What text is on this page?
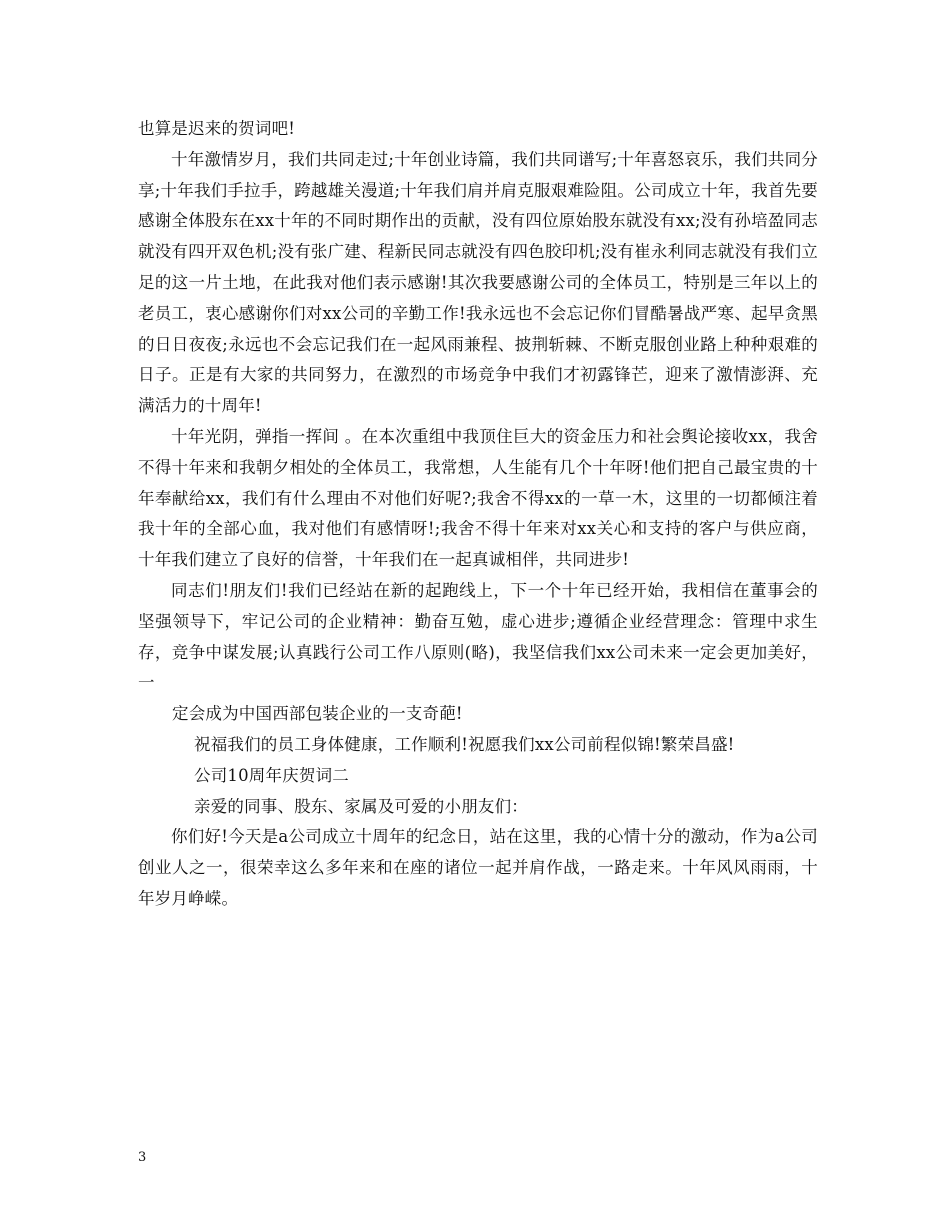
也算是迟来的贺词吧!

十年激情岁月，我们共同走过;十年创业诗篇，我们共同谱写;十年喜怒哀乐，我们共同分享;十年我们手拉手，跨越雄关漫道;十年我们肩并肩克服艰难险阻。公司成立十年，我首先要感谢全体股东在xx十年的不同时期作出的贡献，没有四位原始股东就没有xx;没有孙培盈同志就没有四开双色机;没有张广建、程新民同志就没有四色胶印机;没有崔永利同志就没有我们立足的这一片土地，在此我对他们表示感谢!其次我要感谢公司的全体员工，特别是三年以上的老员工，衷心感谢你们对xx公司的辛勤工作!我永远也不会忘记你们冒酷暑战严寒、起早贪黑的日日夜夜;永远也不会忘记我们在一起风雨兼程、披荆斩棘、不断克服创业路上种种艰难的日子。正是有大家的共同努力，在激烈的市场竞争中我们才初露锋芒，迎来了激情澎湃、充满活力的十周年!

十年光阴，弹指一挥间 。在本次重组中我顶住巨大的资金压力和社会舆论接收xx，我舍不得十年来和我朝夕相处的全体员工，我常想，人生能有几个十年呀!他们把自己最宝贵的十年奉献给xx，我们有什么理由不对他们好呢?;我舍不得xx的一草一木，这里的一切都倾注着我十年的全部心血，我对他们有感情呀!;我舍不得十年来对xx关心和支持的客户与供应商，十年我们建立了良好的信誉，十年我们在一起真诚相伴，共同进步!

同志们!朋友们!我们已经站在新的起跑线上，下一个十年已经开始，我相信在董事会的坚强领导下，牢记公司的企业精神：勤奋互勉，虚心进步;遵循企业经营理念：管理中求生存，竞争中谋发展;认真践行公司工作八原则(略)，我坚信我们xx公司未来一定会更加美好，一

定会成为中国西部包装企业的一支奇葩!

祝福我们的员工身体健康，工作顺利!祝愿我们xx公司前程似锦!繁荣昌盛!

公司10周年庆贺词二

亲爱的同事、股东、家属及可爱的小朋友们：

你们好!今天是a公司成立十周年的纪念日，站在这里，我的心情十分的激动，作为a公司创业人之一，很荣幸这么多年来和在座的诸位一起并肩作战，一路走来。十年风风雨雨，十年岁月峥嵘。

3
